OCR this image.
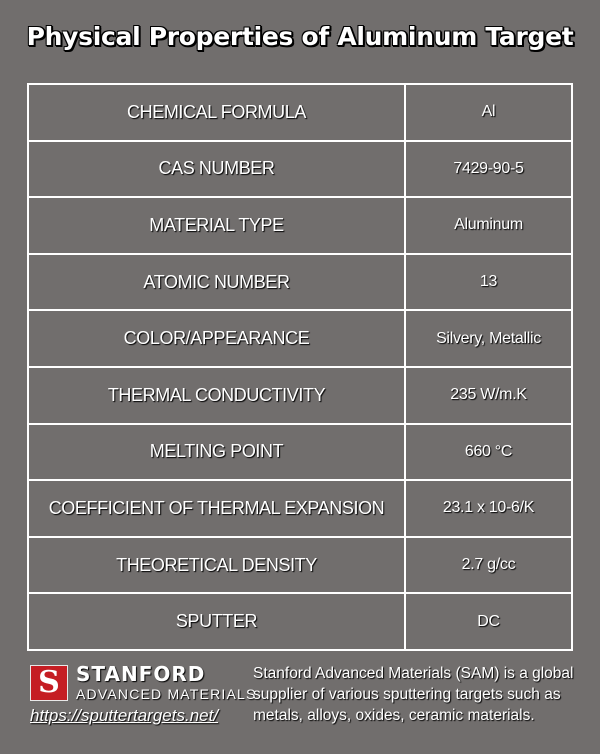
Physical Properties of Aluminum Target
CHEMICAL FORMULA	Al
CAS NUMBER	7429-90-5
MATERIAL TYPE	Aluminum
ATOMIC NUMBER	13
COLOR/APPEARANCE	Silvery, Metallic
THERMAL CONDUCTIVITY	235 W/m.K
MELTING POINT	660 °C
COEFFICIENT OF THERMAL EXPANSION	23.1 x 10-6/K
THEORETICAL DENSITY	2.7 g/cc
SPUTTER	DC
S STANFORD
ADVANCED MATERIALS
https://sputtertargets.net/
Stanford Advanced Materials (SAM) is a global supplier of various sputtering targets such as metals, alloys, oxides, ceramic materials.
